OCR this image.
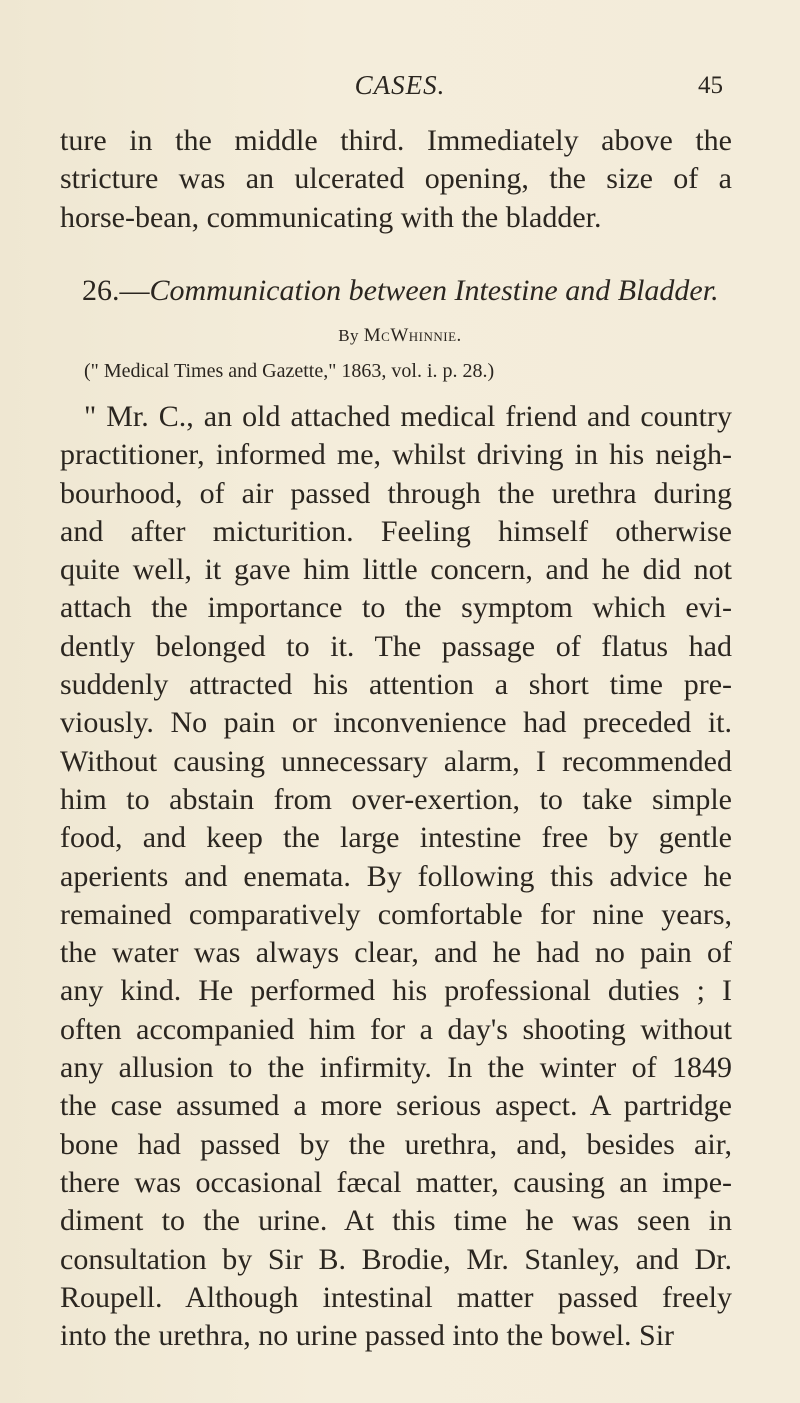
CASES.	45
ture in the middle third. Immediately above the
stricture was an ulcerated opening, the size of a
horse-bean, communicating with the bladder.
26.—Communication between Intestine and Bladder.
By McWhinnie.
(" Medical Times and Gazette," 1863, vol. i. p. 28.)
" Mr. C., an old attached medical friend and country
practitioner, informed me, whilst driving in his neigh-
bourhood, of air passed through the urethra during
and after micturition. Feeling himself otherwise
quite well, it gave him little concern, and he did not
attach the importance to the symptom which evi-
dently belonged to it. The passage of flatus had
suddenly attracted his attention a short time pre-
viously. No pain or inconvenience had preceded it.
Without causing unnecessary alarm, I recommended
him to abstain from over-exertion, to take simple
food, and keep the large intestine free by gentle
aperients and enemata. By following this advice he
remained comparatively comfortable for nine years,
the water was always clear, and he had no pain of
any kind. He performed his professional duties ; I
often accompanied him for a day's shooting without
any allusion to the infirmity. In the winter of 1849
the case assumed a more serious aspect. A partridge
bone had passed by the urethra, and, besides air,
there was occasional fæcal matter, causing an impe-
diment to the urine. At this time he was seen in
consultation by Sir B. Brodie, Mr. Stanley, and Dr.
Roupell. Although intestinal matter passed freely
into the urethra, no urine passed into the bowel. Sir
